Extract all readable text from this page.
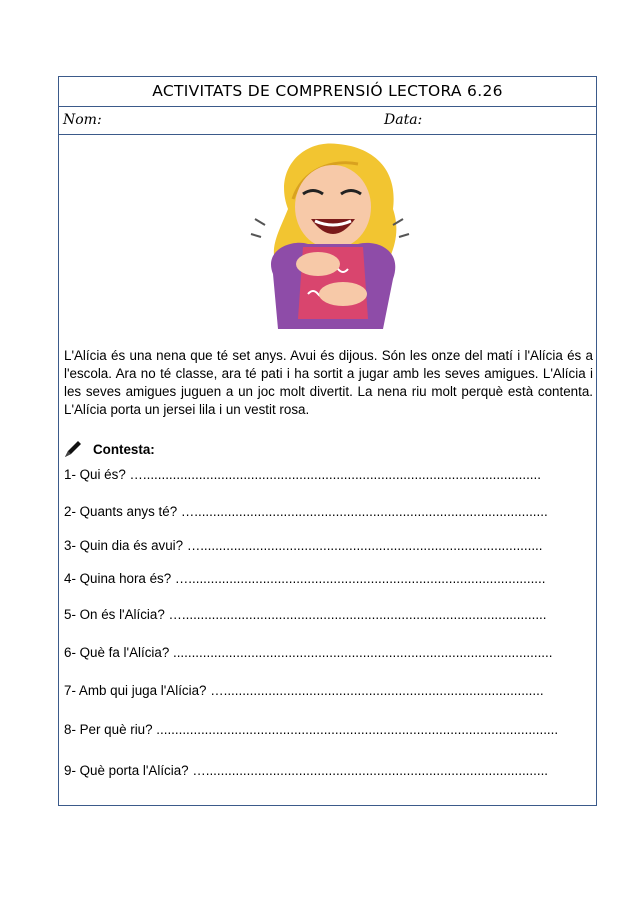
ACTIVITATS DE COMPRENSIÓ LECTORA 6.26
Nom:	Data:
L'Alícia és una nena que té set anys. Avui és dijous. Són les onze del matí i l'Alícia és a l'escola. Ara no té classe, ara té pati i ha sortit a jugar amb les seves amigues. L'Alícia i les seves amigues juguen a un joc molt divertit. La nena riu molt perquè està contenta. L'Alícia porta un jersei lila i un vestit rosa.
Contesta:
1- Qui és? …...........................................................................................................
2- Quants anys té? …...............................................................................................
3- Quin dia és avui? …............................................................................................
4- Quina hora és? …................................................................................................
5- On és l'Alícia? …..................................................................................................
6- Què fa l'Alícia? ......................................................................................................
7- Amb qui juga l'Alícia? …......................................................................................
8- Per què riu? ............................................................................................................
9- Què porta l'Alícia? …............................................................................................
